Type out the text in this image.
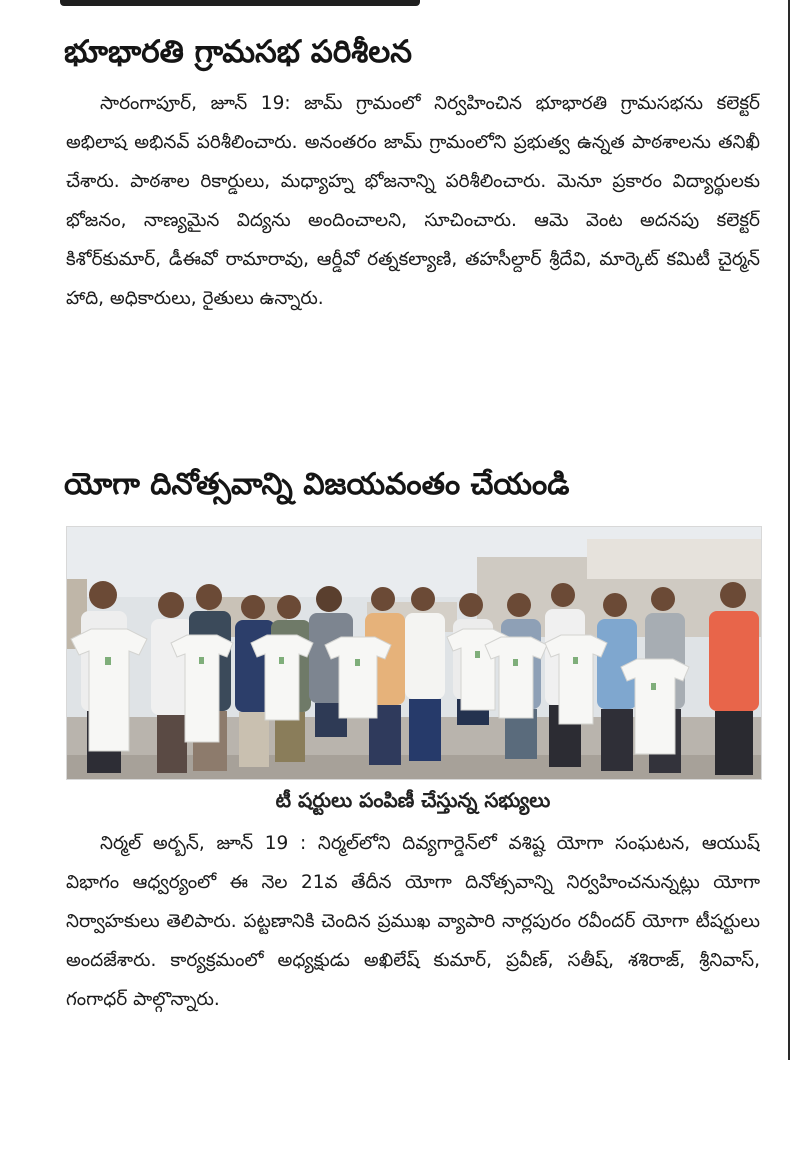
భూభారతి గ్రామసభ పరిశీలన

సారంగాపూర్, జూన్ 19: జామ్ గ్రామంలో నిర్వహించిన భూభారతి గ్రామసభను కలెక్టర్ అభిలాష అభినవ్ పరిశీలించారు. అనంతరం జామ్ గ్రామంలోని ప్రభుత్వ ఉన్నత పాఠశాలను తనిఖీ చేశారు. పాఠశాల రికార్డులు, మధ్యాహ్న భోజనాన్ని పరిశీలించారు. మెనూ ప్రకారం విద్యార్థులకు భోజనం, నాణ్యమైన విద్యను అందించాలని, సూచించారు. ఆమె వెంట అదనపు కలెక్టర్ కిశోర్‌కుమార్, డీఈవో రామారావు, ఆర్డీవో రత్నకల్యాణి, తహసీల్దార్ శ్రీదేవి, మార్కెట్ కమిటీ చైర్మన్ హాది, అధికారులు, రైతులు ఉన్నారు.

యోగా దినోత్సవాన్ని విజయవంతం చేయండి
టీ షర్టులు పంపిణీ చేస్తున్న సభ్యులు

నిర్మల్ అర్బన్, జూన్ 19 : నిర్మల్‌లోని దివ్యగార్డెన్‌లో వశిష్ట యోగా సంఘటన, ఆయుష్ విభాగం ఆధ్వర్యంలో ఈ నెల 21వ తేదీన యోగా దినోత్సవాన్ని నిర్వహించనున్నట్లు యోగా నిర్వాహకులు తెలిపారు. పట్టణానికి చెందిన ప్రముఖ వ్యాపారి నార్లపురం రవీందర్ యోగా టీషర్టులు అందజేశారు. కార్యక్రమంలో అధ్యక్షుడు అఖిలేష్ కుమార్, ప్రవీణ్, సతీష్, శశిరాజ్, శ్రీనివాస్, గంగాధర్ పాల్గొన్నారు.
